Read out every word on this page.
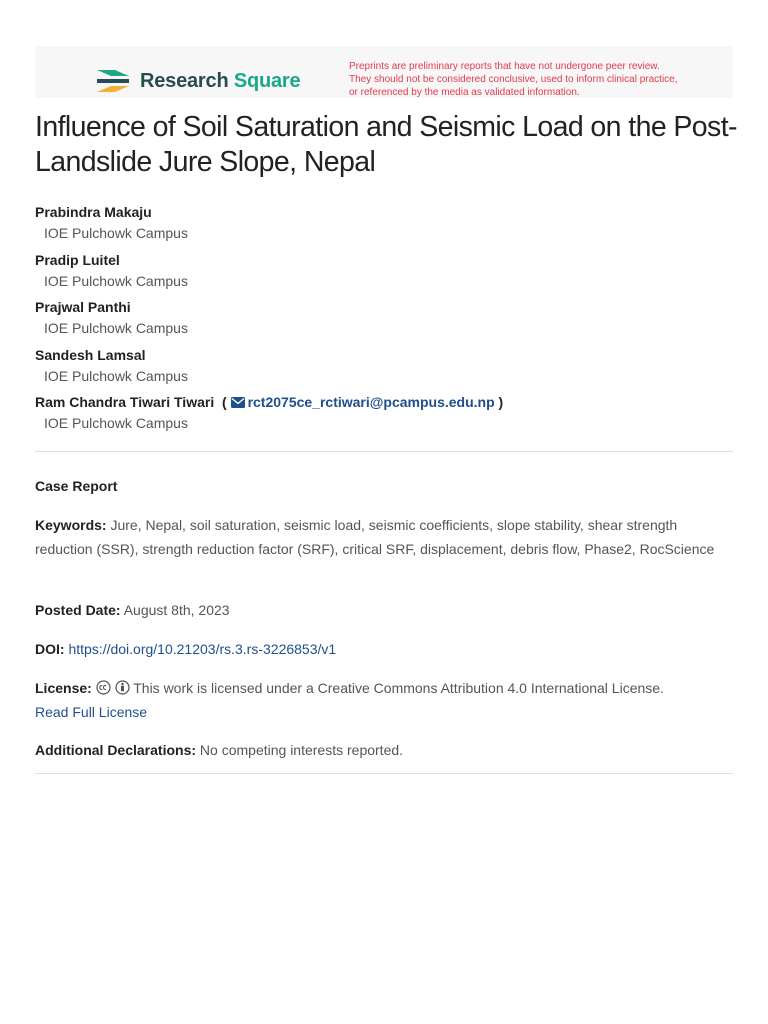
Research Square
Preprints are preliminary reports that have not undergone peer review.
They should not be considered conclusive, used to inform clinical practice,
or referenced by the media as validated information.
Influence of Soil Saturation and Seismic Load on the Post- Landslide Jure Slope, Nepal
Prabindra Makaju
IOE Pulchowk Campus
Pradip Luitel
IOE Pulchowk Campus
Prajwal Panthi
IOE Pulchowk Campus
Sandesh Lamsal
IOE Pulchowk Campus
Ram Chandra Tiwari Tiwari ( rct2075ce_rctiwari@pcampus.edu.np )
IOE Pulchowk Campus
Case Report
Keywords: Jure, Nepal, soil saturation, seismic load, seismic coefficients, slope stability, shear strength reduction (SSR), strength reduction factor (SRF), critical SRF, displacement, debris flow, Phase2, RocScience
Posted Date: August 8th, 2023
DOI: https://doi.org/10.21203/rs.3.rs-3226853/v1
License:	This work is licensed under a Creative Commons Attribution 4.0 International License.
Read Full License
Additional Declarations: No competing interests reported.
